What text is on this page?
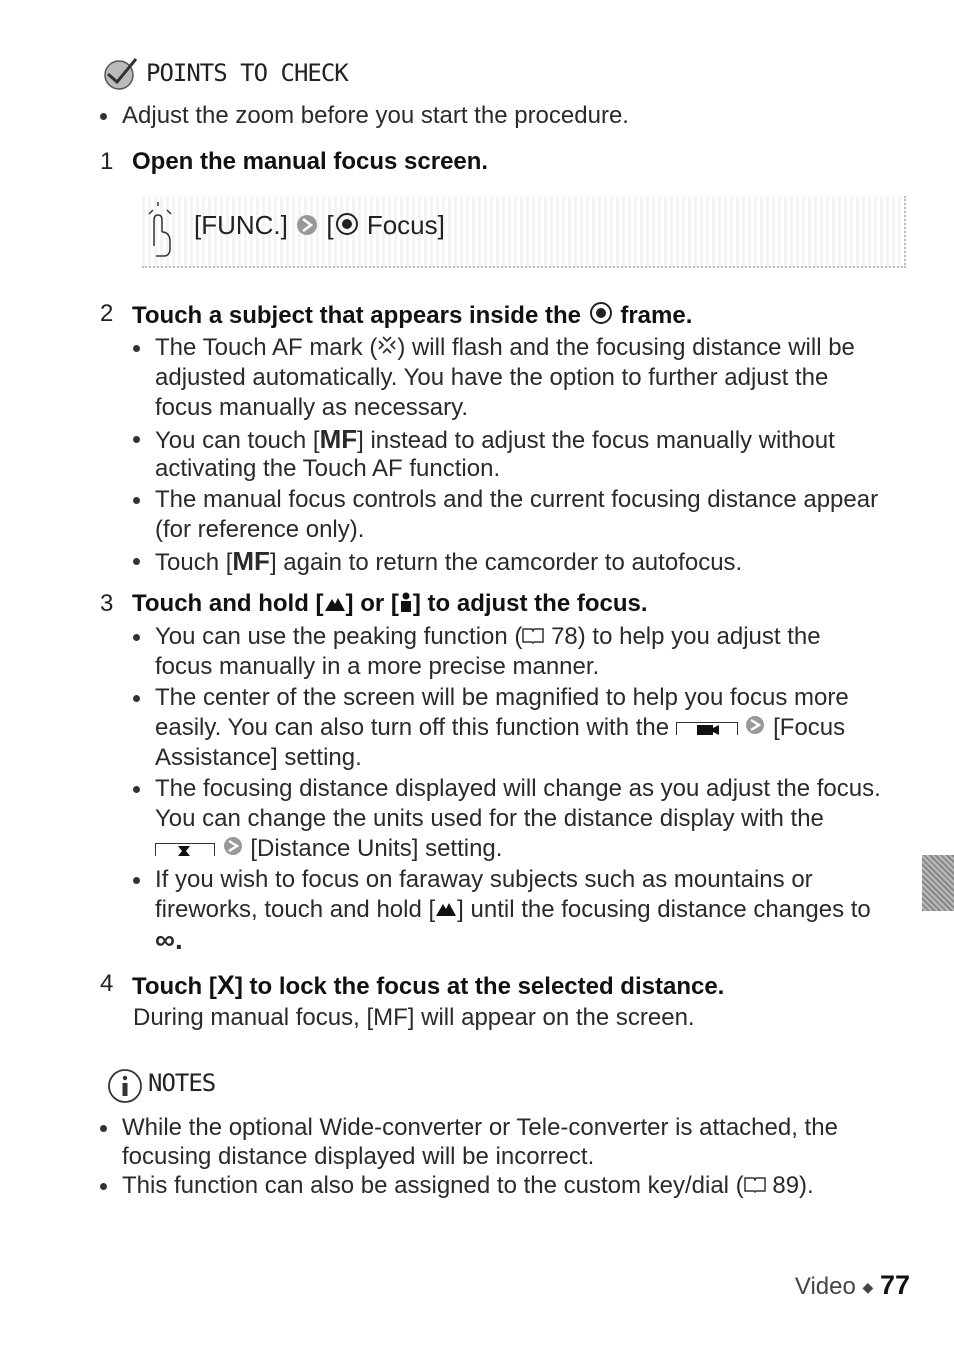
POINTS TO CHECK
Adjust the zoom before you start the procedure.
1 Open the manual focus screen.
[FUNC.] [ Focus]
2 Touch a subject that appears inside the frame.
The Touch AF mark ( ) will flash and the focusing distance will be
adjusted automatically. You have the option to further adjust the
focus manually as necessary.
You can touch [MF] instead to adjust the focus manually without
activating the Touch AF function.
The manual focus controls and the current focusing distance appear
(for reference only).
Touch [MF] again to return the camcorder to autofocus.
3 Touch and hold [ ] or [ ] to adjust the focus.
You can use the peaking function ( 78) to help you adjust the
focus manually in a more precise manner.
The center of the screen will be magnified to help you focus more
easily. You can also turn off this function with the	[Focus
Assistance] setting.
The focusing distance displayed will change as you adjust the focus.
You can change the units used for the distance display with the
[Distance Units] setting.
If you wish to focus on faraway subjects such as mountains or
fireworks, touch and hold [ ] until the focusing distance changes to
∞.
4 Touch [X] to lock the focus at the selected distance.
During manual focus, [MF] will appear on the screen.
NOTES
While the optional Wide-converter or Tele-converter is attached, the
focusing distance displayed will be incorrect.
This function can also be assigned to the custom key/dial ( 89).
Video ◆ 77
